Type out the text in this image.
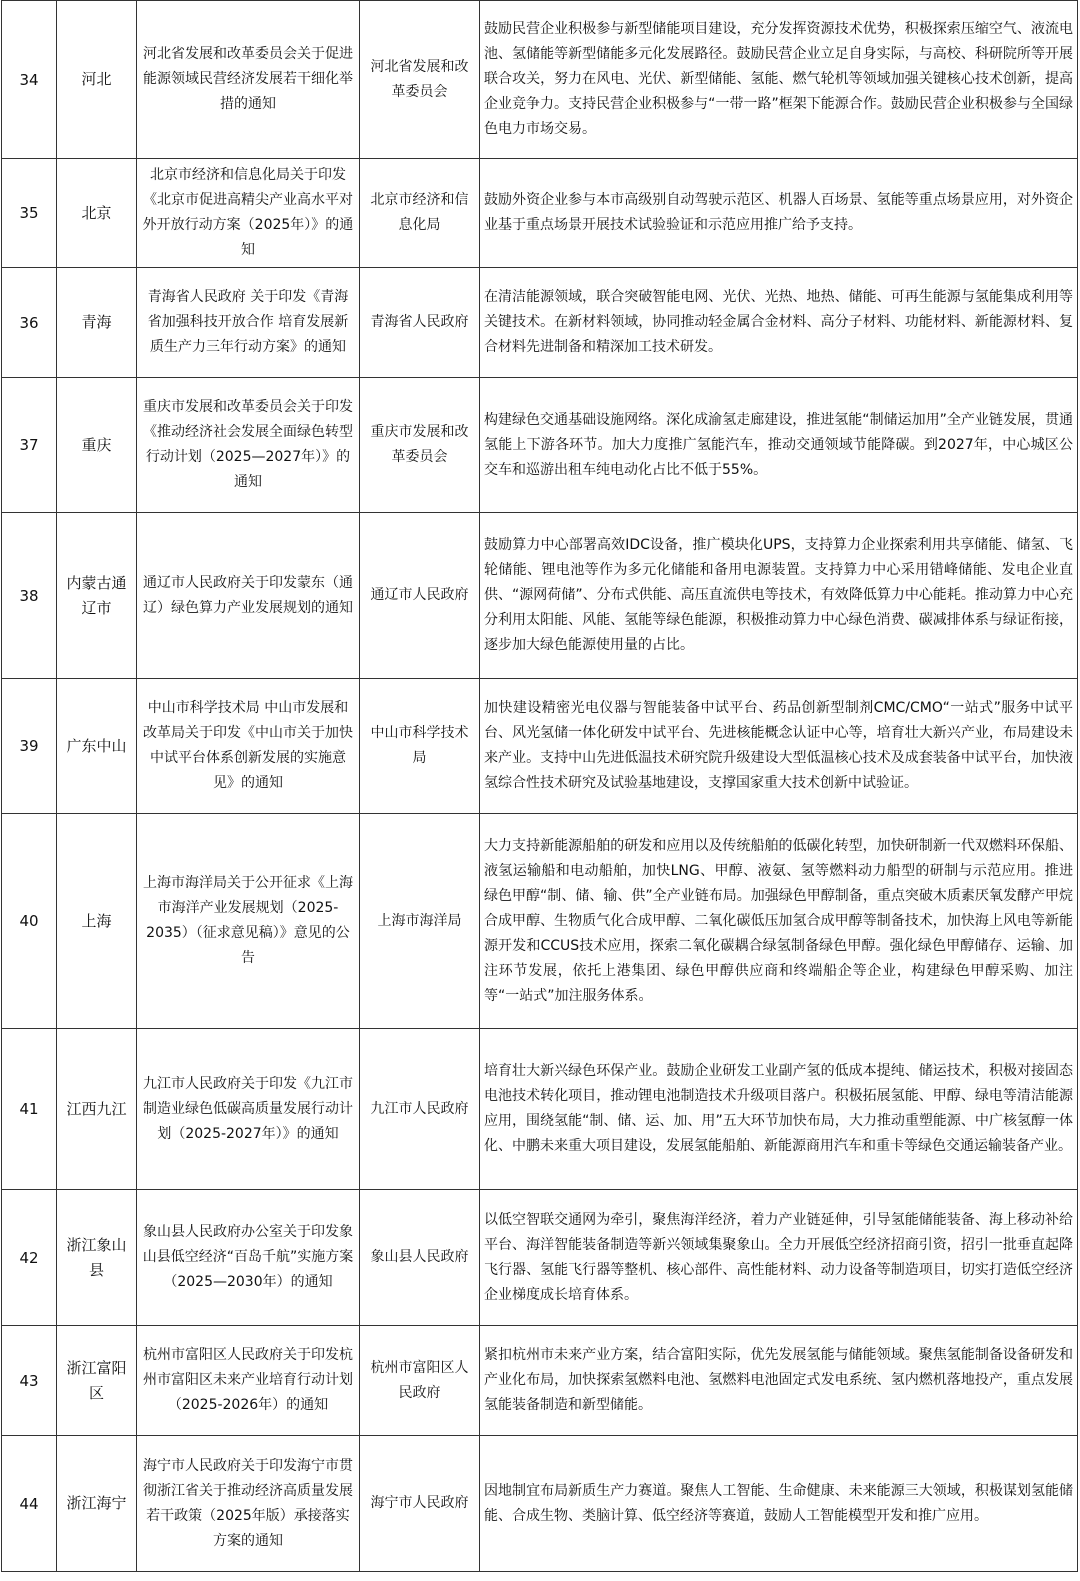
34	河北	河北省发展和改革委员会关于促进能源领域民营经济发展若干细化举措的通知	河北省发展和改革委员会	鼓励民营企业积极参与新型储能项目建设，充分发挥资源技术优势，积极探索压缩空气、液流电池、氢储能等新型储能多元化发展路径。鼓励民营企业立足自身实际，与高校、科研院所等开展联合攻关，努力在风电、光伏、新型储能、氢能、燃气轮机等领域加强关键核心技术创新，提高企业竞争力。支持民营企业积极参与“一带一路”框架下能源合作。鼓励民营企业积极参与全国绿色电力市场交易。
35	北京	北京市经济和信息化局关于印发《北京市促进高精尖产业高水平对外开放行动方案（2025年）》的通知	北京市经济和信息化局	鼓励外资企业参与本市高级别自动驾驶示范区、机器人百场景、氢能等重点场景应用，对外资企业基于重点场景开展技术试验验证和示范应用推广给予支持。
36	青海	青海省人民政府 关于印发《青海省加强科技开放合作 培育发展新质生产力三年行动方案》的通知	青海省人民政府	在清洁能源领域，联合突破智能电网、光伏、光热、地热、储能、可再生能源与氢能集成利用等关键技术。在新材料领域，协同推动轻金属合金材料、高分子材料、功能材料、新能源材料、复合材料先进制备和精深加工技术研发。
37	重庆	重庆市发展和改革委员会关于印发《推动经济社会发展全面绿色转型行动计划（2025—2027年）》的通知	重庆市发展和改革委员会	构建绿色交通基础设施网络。深化成渝氢走廊建设，推进氢能“制储运加用”全产业链发展，贯通氢能上下游各环节。加大力度推广氢能汽车，推动交通领域节能降碳。到2027年，中心城区公交车和巡游出租车纯电动化占比不低于55%。
38	内蒙古通辽市	通辽市人民政府关于印发蒙东（通辽）绿色算力产业发展规划的通知	通辽市人民政府	鼓励算力中心部署高效IDC设备，推广模块化UPS，支持算力企业探索利用共享储能、储氢、飞轮储能、锂电池等作为多元化储能和备用电源装置。支持算力中心采用错峰储能、发电企业直供、“源网荷储”、分布式供能、高压直流供电等技术，有效降低算力中心能耗。推动算力中心充分利用太阳能、风能、氢能等绿色能源，积极推动算力中心绿色消费、碳减排体系与绿证衔接，逐步加大绿色能源使用量的占比。
39	广东中山	中山市科学技术局 中山市发展和改革局关于印发《中山市关于加快中试平台体系创新发展的实施意见》的通知	中山市科学技术局	加快建设精密光电仪器与智能装备中试平台、药品创新型制剂CMC/CMO“一站式”服务中试平台、风光氢储一体化研发中试平台、先进核能概念认证中心等，培育壮大新兴产业，布局建设未来产业。支持中山先进低温技术研究院升级建设大型低温核心技术及成套装备中试平台，加快液氢综合性技术研究及试验基地建设，支撑国家重大技术创新中试验证。
40	上海	上海市海洋局关于公开征求《上海市海洋产业发展规划（2025-2035）（征求意见稿）》意见的公告	上海市海洋局	大力支持新能源船舶的研发和应用以及传统船舶的低碳化转型，加快研制新一代双燃料环保船、液氢运输船和电动船舶，加快LNG、甲醇、液氨、氢等燃料动力船型的研制与示范应用。推进绿色甲醇“制、储、输、供”全产业链布局。加强绿色甲醇制备，重点突破木质素厌氧发酵产甲烷合成甲醇、生物质气化合成甲醇、二氧化碳低压加氢合成甲醇等制备技术，加快海上风电等新能源开发和CCUS技术应用，探索二氧化碳耦合绿氢制备绿色甲醇。强化绿色甲醇储存、运输、加注环节发展，依托上港集团、绿色甲醇供应商和终端船企等企业，构建绿色甲醇采购、加注等“一站式”加注服务体系。
41	江西九江	九江市人民政府关于印发《九江市制造业绿色低碳高质量发展行动计划（2025-2027年）》的通知	九江市人民政府	培育壮大新兴绿色环保产业。鼓励企业研发工业副产氢的低成本提纯、储运技术，积极对接固态电池技术转化项目，推动锂电池制造技术升级项目落户。积极拓展氢能、甲醇、绿电等清洁能源应用，围绕氢能“制、储、运、加、用”五大环节加快布局，大力推动重塑能源、中广核氢醇一体化、中鹏未来重大项目建设，发展氢能船舶、新能源商用汽车和重卡等绿色交通运输装备产业。
42	浙江象山县	象山县人民政府办公室关于印发象山县低空经济“百岛千航”实施方案（2025—2030年）的通知	象山县人民政府	以低空智联交通网为牵引，聚焦海洋经济，着力产业链延伸，引导氢能储能装备、海上移动补给平台、海洋智能装备制造等新兴领域集聚象山。全力开展低空经济招商引资，招引一批垂直起降飞行器、氢能飞行器等整机、核心部件、高性能材料、动力设备等制造项目，切实打造低空经济企业梯度成长培育体系。
43	浙江富阳区	杭州市富阳区人民政府关于印发杭州市富阳区未来产业培育行动计划（2025-2026年）的通知	杭州市富阳区人民政府	紧扣杭州市未来产业方案，结合富阳实际，优先发展氢能与储能领域。聚焦氢能制备设备研发和产业化布局，加快探索氢燃料电池、氢燃料电池固定式发电系统、氢内燃机落地投产，重点发展氢能装备制造和新型储能。
44	浙江海宁	海宁市人民政府关于印发海宁市贯彻浙江省关于推动经济高质量发展若干政策（2025年版）承接落实方案的通知	海宁市人民政府	因地制宜布局新质生产力赛道。聚焦人工智能、生命健康、未来能源三大领域，积极谋划氢能储能、合成生物、类脑计算、低空经济等赛道，鼓励人工智能模型开发和推广应用。
